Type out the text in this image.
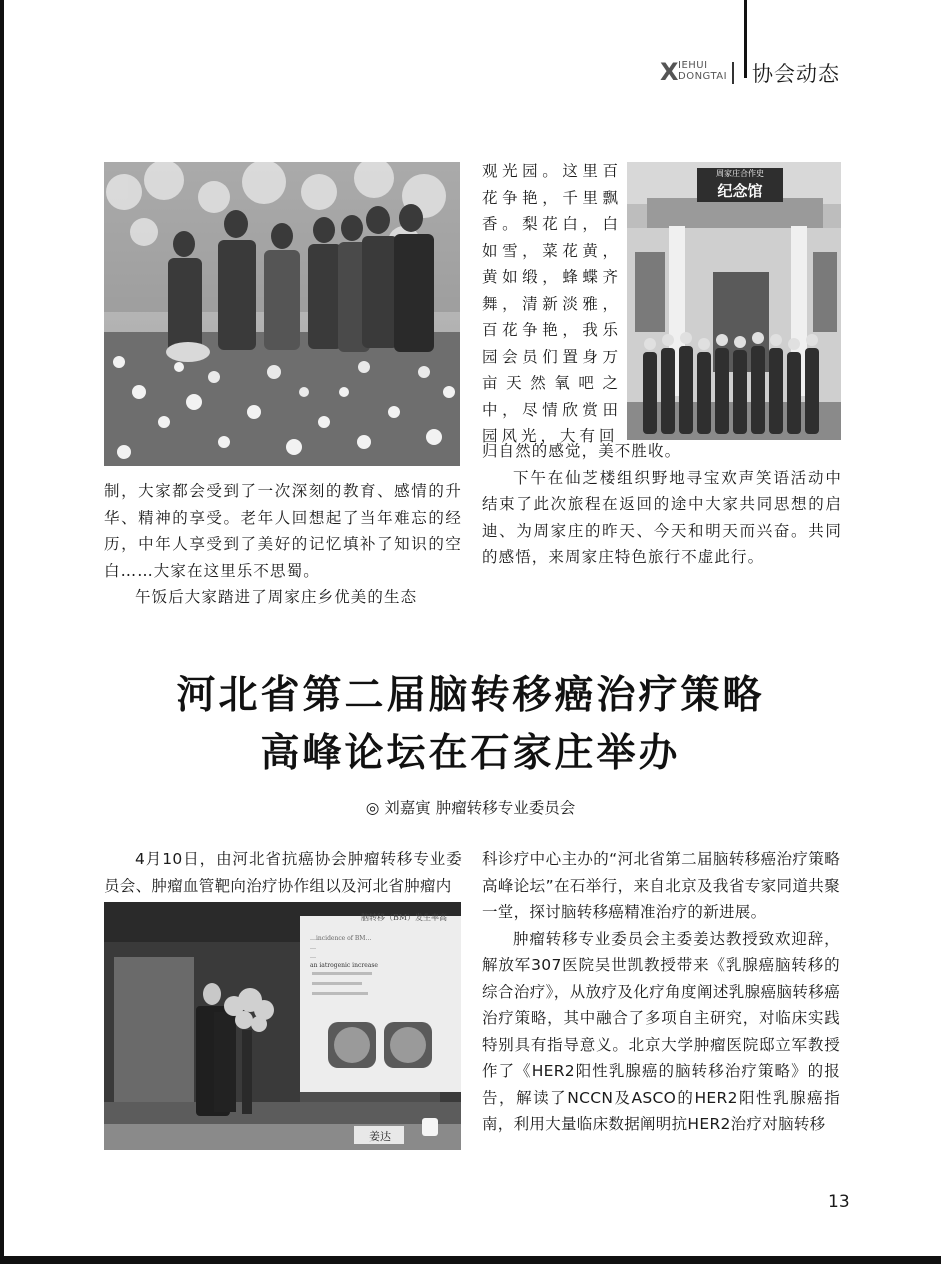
X IEHUI
DONGTAI 协会动态
周家庄合作史
纪念馆

观光园。这里百花争艳，千里飘香。梨花白，白如雪，菜花黄，黄如缎，蜂蝶齐舞，清新淡雅，百花争艳，我乐园会员们置身万亩天然氧吧之中，尽情欣赏田园风光，大有回

归自然的感觉，美不胜收。

下午在仙芝楼组织野地寻宝欢声笑语活动中结束了此次旅程在返回的途中大家共同思想的启迪、为周家庄的昨天、今天和明天而兴奋。共同的感悟，来周家庄特色旅行不虚此行。

制，大家都会受到了一次深刻的教育、感情的升华、精神的享受。老年人回想起了当年难忘的经历，中年人享受到了美好的记忆填补了知识的空白……大家在这里乐不思蜀。

午饭后大家踏进了周家庄乡优美的生态

河北省第二届脑转移癌治疗策略
高峰论坛在石家庄举办
◎ 刘嘉寅 肿瘤转移专业委员会
4月10日，由河北省抗癌协会肿瘤转移专业委员会、肿瘤血管靶向治疗协作组以及河北省肿瘤内
脑转移（BM）发生率高
…incidence of BM…
…
…
an iatrogenic increase
姜达

科诊疗中心主办的“河北省第二届脑转移癌治疗策略高峰论坛”在石举行，来自北京及我省专家同道共聚一堂，探讨脑转移癌精准治疗的新进展。

肿瘤转移专业委员会主委姜达教授致欢迎辞，解放军307医院吴世凯教授带来《乳腺癌脑转移的综合治疗》，从放疗及化疗角度阐述乳腺癌脑转移癌治疗策略，其中融合了多项自主研究，对临床实践特别具有指导意义。北京大学肿瘤医院邸立军教授作了《HER2阳性乳腺癌的脑转移治疗策略》的报告，解读了NCCN及ASCO的HER2阳性乳腺癌指南，利用大量临床数据阐明抗HER2治疗对脑转移

13
